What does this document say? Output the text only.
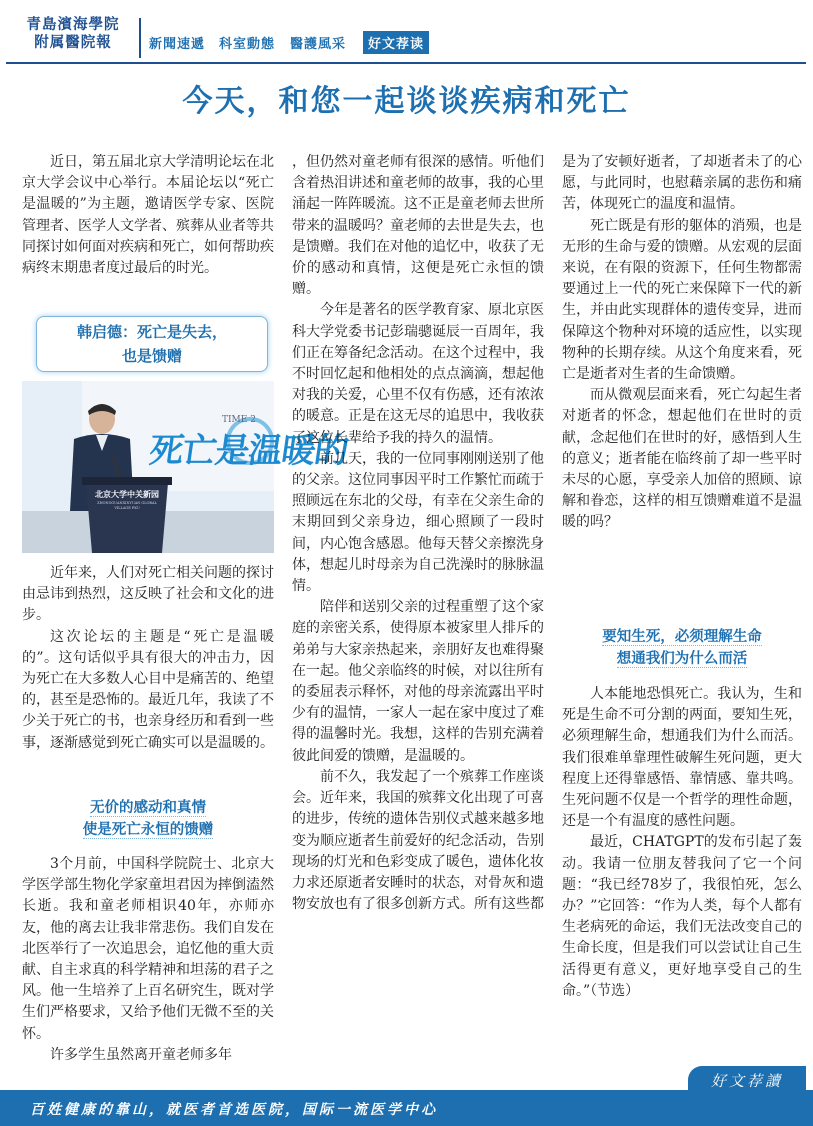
青島濱海學院
附属醫院報	新聞速遞 科室動態 醫護風采	好文荐读
今天，和您一起谈谈疾病和死亡

近日，第五届北京大学清明论坛在北京大学会议中心举行。本届论坛以“死亡是温暖的”为主题，邀请医学专家、医院管理者、医学人文学者、殡葬从业者等共同探讨如何面对疾病和死亡，如何帮助疾病终末期患者度过最后的时光。

韩启德：死亡是失去，
也是馈赠
死亡是温暖的
TIME 2
北京大学中关新园
ZHONGGUANXINYUAN GLOBAL VILLAGE PKU

近年来，人们对死亡相关问题的探讨由忌讳到热烈，这反映了社会和文化的进步。

这次论坛的主题是“死亡是温暖的”。这句话似乎具有很大的冲击力，因为死亡在大多数人心目中是痛苦的、绝望的，甚至是恐怖的。最近几年，我读了不少关于死亡的书，也亲身经历和看到一些事，逐渐感觉到死亡确实可以是温暖的。

无价的感动和真情
使是死亡永恒的馈赠

3个月前，中国科学院院士、北京大学医学部生物化学家童坦君因为摔倒溘然长逝。我和童老师相识40年，亦师亦友，他的离去让我非常悲伤。我们自发在北医举行了一次追思会，追忆他的重大贡献、自主求真的科学精神和坦荡的君子之风。他一生培养了上百名研究生，既对学生们严格要求，又给予他们无微不至的关怀。

许多学生虽然离开童老师多年

，但仍然对童老师有很深的感情。听他们含着热泪讲述和童老师的故事，我的心里涌起一阵阵暖流。这不正是童老师去世所带来的温暖吗？童老师的去世是失去，也是馈赠。我们在对他的追忆中，收获了无价的感动和真情，这便是死亡永恒的馈赠。

今年是著名的医学教育家、原北京医科大学党委书记彭瑞骢诞辰一百周年，我们正在筹备纪念活动。在这个过程中，我不时回忆起和他相处的点点滴滴，想起他对我的关爱，心里不仅有伤感，还有浓浓的暖意。正是在这无尽的追思中，我收获了这位长辈给予我的持久的温情。

前几天，我的一位同事刚刚送别了他的父亲。这位同事因平时工作繁忙而疏于照顾远在东北的父母，有幸在父亲生命的末期回到父亲身边，细心照顾了一段时间，内心饱含感恩。他每天替父亲擦洗身体，想起儿时母亲为自己洗澡时的脉脉温情。

陪伴和送别父亲的过程重塑了这个家庭的亲密关系，使得原本被家里人排斥的弟弟与大家亲热起来，亲朋好友也难得聚在一起。他父亲临终的时候，对以往所有的委屈表示释怀，对他的母亲流露出平时少有的温情，一家人一起在家中度过了难得的温馨时光。我想，这样的告别充满着彼此间爱的馈赠，是温暖的。

前不久，我发起了一个殡葬工作座谈会。近年来，我国的殡葬文化出现了可喜的进步，传统的遗体告别仪式越来越多地变为顺应逝者生前爱好的纪念活动，告别现场的灯光和色彩变成了暖色，遗体化妆力求还原逝者安睡时的状态，对骨灰和遗物安放也有了很多创新方式。所有这些都

是为了安顿好逝者，了却逝者未了的心愿，与此同时，也慰藉亲属的悲伤和痛苦，体现死亡的温度和温情。

死亡既是有形的躯体的消殒，也是无形的生命与爱的馈赠。从宏观的层面来说，在有限的资源下，任何生物都需要通过上一代的死亡来保障下一代的新生，并由此实现群体的遗传变异，进而保障这个物种对环境的适应性，以实现物种的长期存续。从这个角度来看，死亡是逝者对生者的生命馈赠。

而从微观层面来看，死亡勾起生者对逝者的怀念，想起他们在世时的贡献，念起他们在世时的好，感悟到人生的意义；逝者能在临终前了却一些平时未尽的心愿，享受亲人加倍的照顾、谅解和眷恋，这样的相互馈赠难道不是温暖的吗？

要知生死，必须理解生命
想通我们为什么而活

人本能地恐惧死亡。我认为，生和死是生命不可分割的两面，要知生死，必须理解生命，想通我们为什么而活。我们很难单靠理性破解生死问题，更大程度上还得靠感悟、靠情感、靠共鸣。生死问题不仅是一个哲学的理性命题，还是一个有温度的感性问题。

最近，CHATGPT的发布引起了轰动。我请一位朋友替我问了它一个问题：“我已经78岁了，我很怕死，怎么办？”它回答：“作为人类，每个人都有生老病死的命运，我们无法改变自己的生命长度，但是我们可以尝试让自己生活得更有意义，更好地享受自己的生命。”（节选）

百姓健康的靠山，就医者首选医院，国际一流医学中心
好文荐讀
